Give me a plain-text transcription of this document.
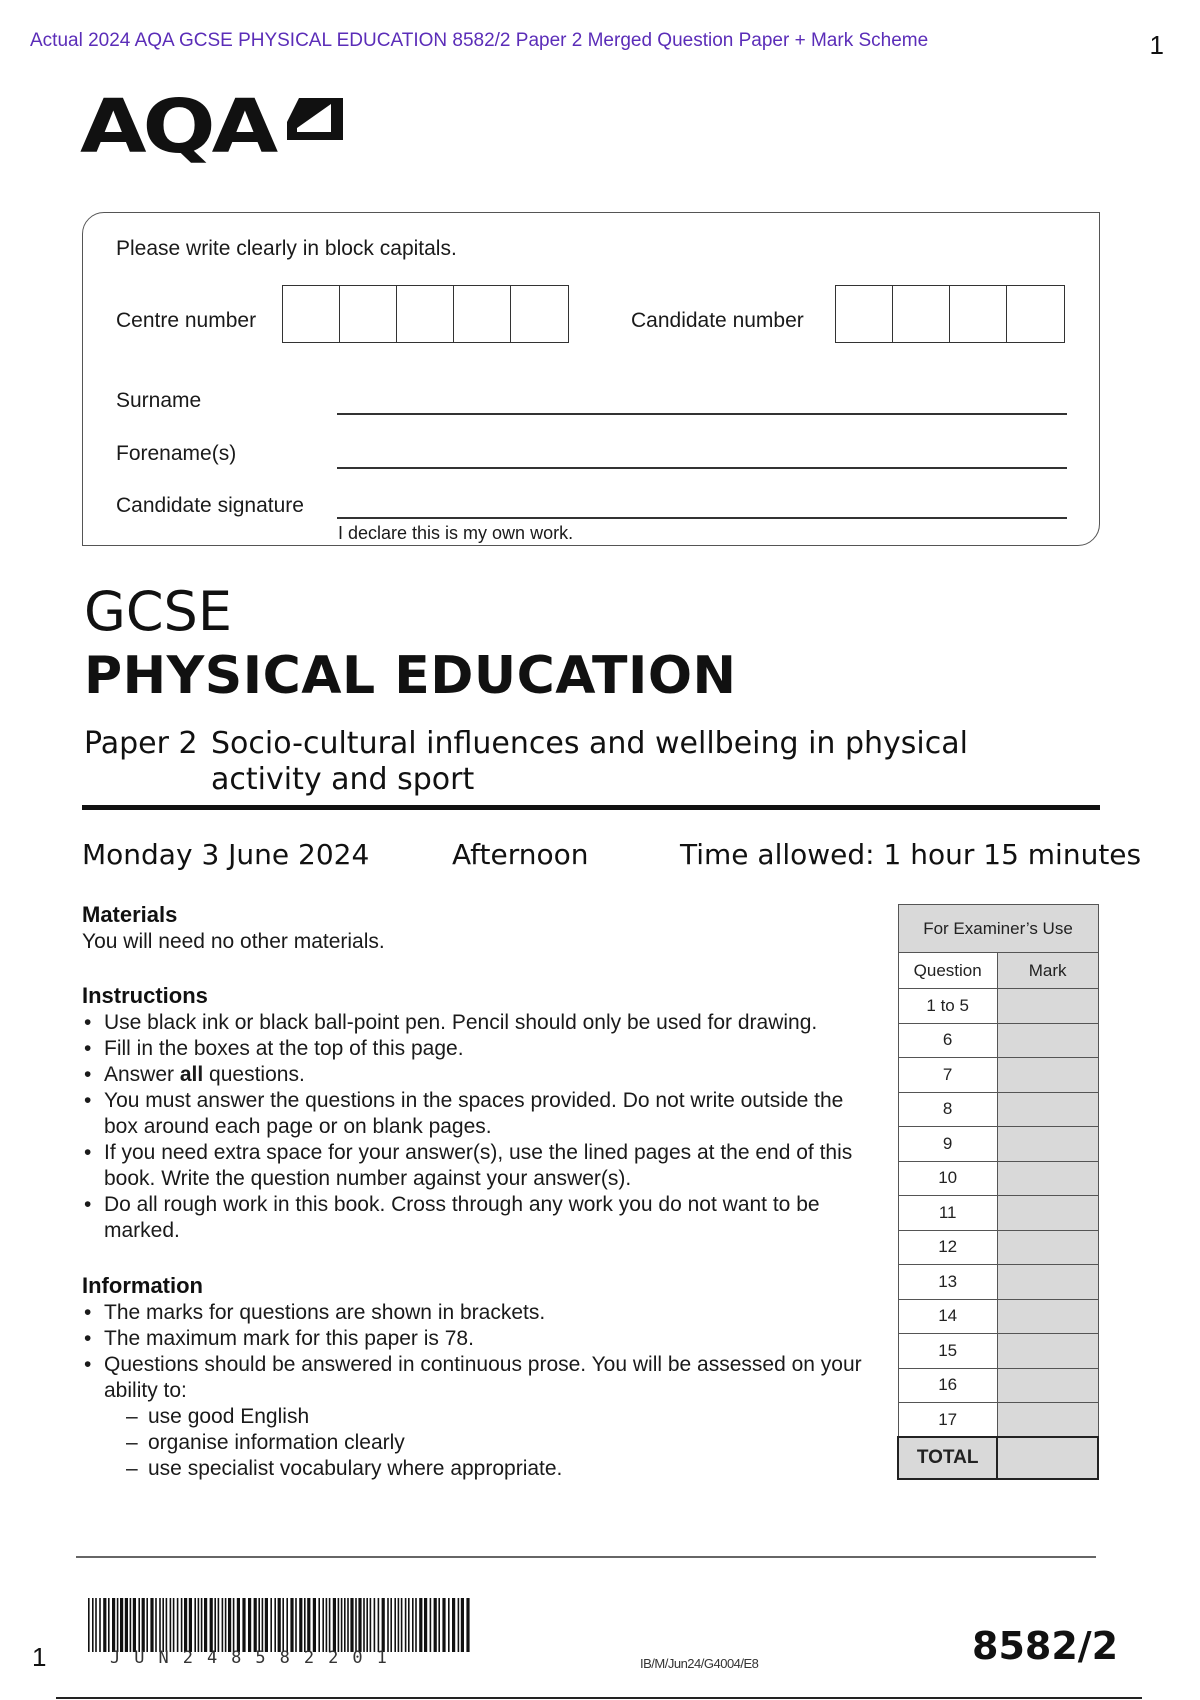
Actual 2024 AQA GCSE PHYSICAL EDUCATION 8582/2 Paper 2 Merged Question Paper + Mark Scheme	1
AQA
Please write clearly in block capitals.
Centre number	Candidate number
Surname
Forename(s)
Candidate signature
I declare this is my own work.
GCSE
PHYSICAL EDUCATION
Paper 2 Socio-cultural influences and wellbeing in physical activity and sport
Monday 3 June 2024	Afternoon	Time allowed: 1 hour 15 minutes
Materials
You will need no other materials.
Instructions
• Use black ink or black ball-point pen. Pencil should only be used for drawing.
• Fill in the boxes at the top of this page.
• Answer all questions.
• You must answer the questions in the spaces provided. Do not write outside the box around each page or on blank pages.
• If you need extra space for your answer(s), use the lined pages at the end of this book. Write the question number against your answer(s).
• Do all rough work in this book. Cross through any work you do not want to be marked.
Information
• The marks for questions are shown in brackets.
• The maximum mark for this paper is 78.
• Questions should be answered in continuous prose. You will be assessed on your ability to:
– use good English
– organise information clearly
– use specialist vocabulary where appropriate.
For Examiner’s Use	
Question	Mark
1 to 5	
6	
7	
8	
9	
10	
11	
12	
13	
14	
15	
16	
17	
TOTAL	
JUN248582201
1	IB/M/Jun24/G4004/E8	8582/2
